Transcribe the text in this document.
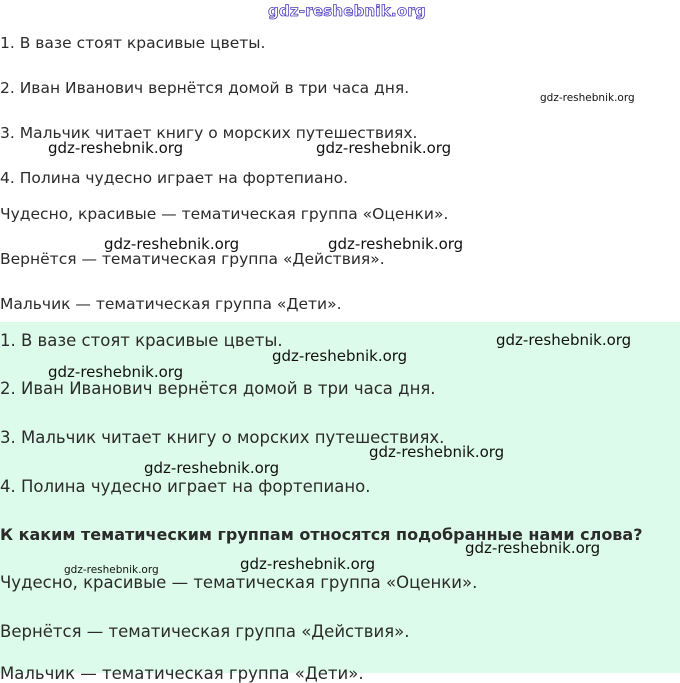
1. В вазе стоят красивые цветы.

2. Иван Иванович вернётся домой в три часа дня.

3. Мальчик читает книгу о морских путешествиях.

4. Полина чудесно играет на фортепиано.

Чудесно, красивые — тематическая группа «Оценки».

Вернётся — тематическая группа «Действия».

Мальчик — тематическая группа «Дети».

1. В вазе стоят красивые цветы.

2. Иван Иванович вернётся домой в три часа дня.

3. Мальчик читает книгу о морских путешествиях.

4. Полина чудесно играет на фортепиано.

К каким тематическим группам относятся подобранные нами слова?

Чудесно, красивые — тематическая группа «Оценки».

Вернётся — тематическая группа «Действия».

Мальчик — тематическая группа «Дети».

gdz-reshebnik.org
gdz-reshebnik.org
gdz-reshebnik.org	gdz-reshebnik.org
gdz-reshebnik.org	gdz-reshebnik.org
gdz-reshebnik.org
gdz-reshebnik.org
gdz-reshebnik.org
gdz-reshebnik.org
gdz-reshebnik.org
gdz-reshebnik.org
gdz-reshebnik.org
gdz-reshebnik.org
